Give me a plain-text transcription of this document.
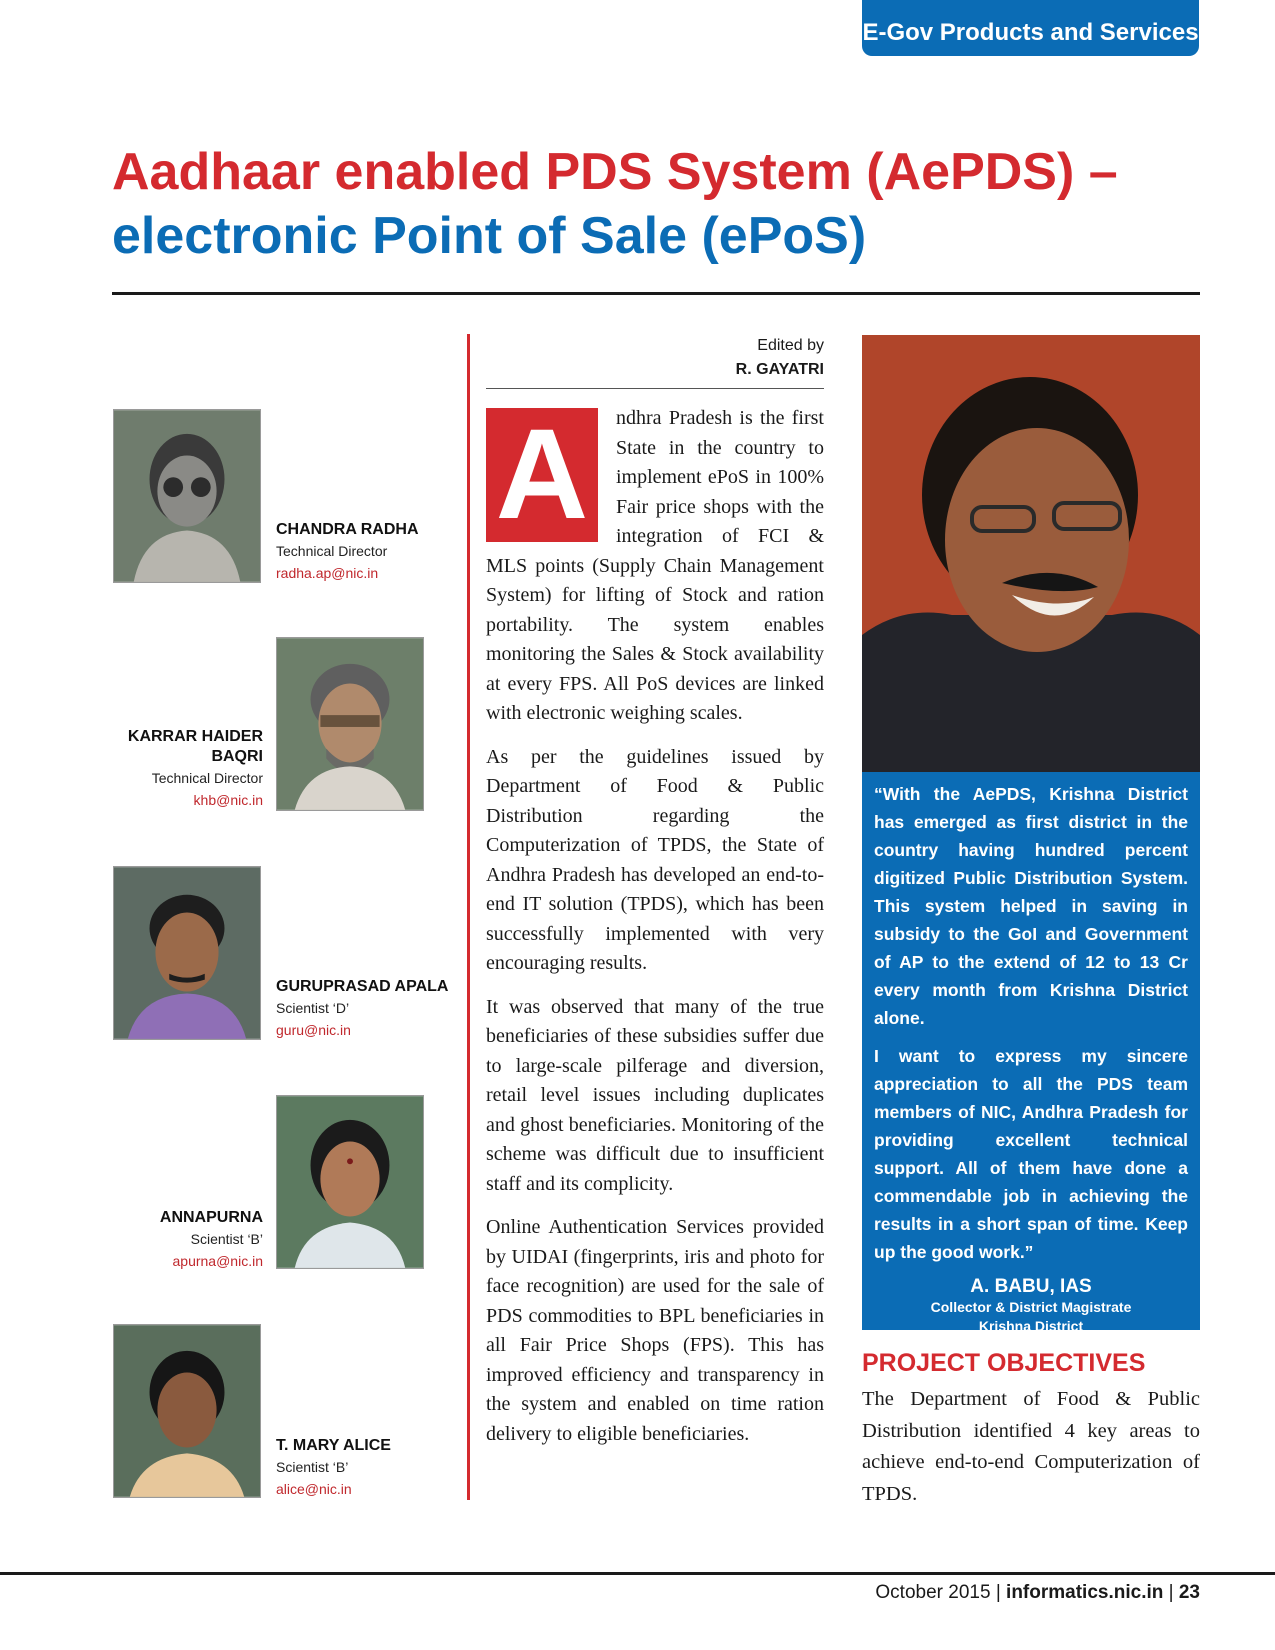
E-Gov Products and Services
Aadhaar enabled PDS System (AePDS) –
electronic Point of Sale (ePoS)
CHANDRA RADHA
Technical Director
radha.ap@nic.in
KARRAR HAIDER
BAQRI
Technical Director
khb@nic.in
GURUPRASAD APALA
Scientist ‘D’
guru@nic.in
ANNAPURNA
Scientist ‘B’
apurna@nic.in
T. MARY ALICE
Scientist ‘B’
alice@nic.in
Edited by
R. GAYATRI

A	ndhra Pradesh is the first State in the country to implement ePoS in 100% Fair price shops with the integration of FCI & MLS points (Supply Chain Management System) for lifting of Stock and ration portability. The system enables monitoring the Sales & Stock availability at every FPS. All PoS devices are linked with electronic weighing scales.

As per the guidelines issued by Department of Food & Public Distribution regarding the Computerization of TPDS, the State of Andhra Pradesh has developed an end-to-end IT solution (TPDS), which has been successfully implemented with very encouraging results.

It was observed that many of the true beneficiaries of these subsidies suffer due to large-scale pilferage and diversion, retail level issues including duplicates and ghost beneficiaries. Monitoring of the scheme was difficult due to insufficient staff and its complicity.

Online Authentication Services provided by UIDAI (fingerprints, iris and photo for face recognition) are used for the sale of PDS commodities to BPL beneficiaries in all Fair Price Shops (FPS). This has improved efficiency and transparency in the system and enabled on time ration delivery to eligible beneficiaries.

“With the AePDS, Krishna District has emerged as first district in the country having hundred percent digitized Public Distribution System. This system helped in saving in subsidy to the GoI and Government of AP to the extend of 12 to 13 Cr every month from Krishna District alone.

I want to express my sincere appreciation to all the PDS team members of NIC, Andhra Pradesh for providing excellent technical support. All of them have done a commendable job in achieving the results in a short span of time. Keep up the good work.”

A. BABU, IAS
Collector & District Magistrate
Krishna District
PROJECT OBJECTIVES
The Department of Food & Public Distribution identified 4 key areas to achieve end-to-end Computerization of TPDS.
October 2015 | informatics.nic.in | 23
